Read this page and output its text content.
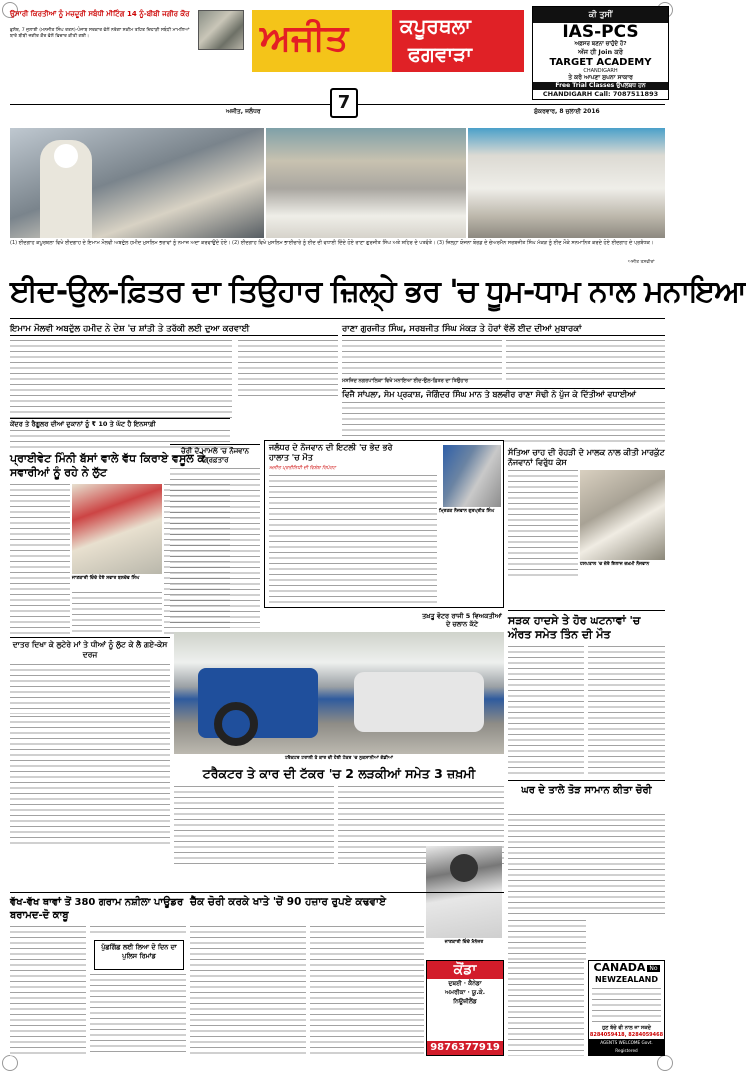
ਉਸਾਰੀ ਕਿਰਤੀਆਂ ਨੂੰ ਮਜ਼ਦੂਰੀ ਸਬੰਧੀ ਮੀਟਿੰਗ 14 ਨੂੰ-ਬੀਬੀ ਜਗੀਰ ਕੌਰ
ਭੁਲੱਥ, 7 ਜੁਲਾਈ (ਮਨਜੀਤ ਸਿੰਘ ਰਤਨ)-ਪੰਜਾਬ ਸਰਕਾਰ ਵੱਲੋਂ ਨਰੇਗਾ ਸਕੀਮ ਤਹਿਤ ਦਿਹਾੜੀ ਸਬੰਧੀ ਮਾਮਲਿਆਂ ਬਾਰੇ ਬੀਬੀ ਜਗੀਰ ਕੌਰ ਵੱਲੋਂ ਵਿਚਾਰ ਕੀਤੀ ਗਈ।	ਅਜੀਤ	ਕਪੂਰਥਲਾ
ਫਗਵਾੜਾ
ਕੀ ਤੁਸੀਂ
IAS-PCS
ਅਫ਼ਸਰ ਬਣਨਾ ਚਾਹੁੰਦੇ ਹੋ?
ਅੱਜ ਹੀ Join ਕਰੋ
TARGET ACADEMY
CHANDIGARH
ਤੇ ਕਰੋ ਆਪਣਾ ਸੁਪਨਾ ਸਾਕਾਰ
Free Trial Classes ਉਪਲਬਧ ਹਨ
CHANDIGARH Call: 7087511893
ਅਜੀਤ, ਜਲੰਧਰ	7	ਸ਼ੁੱਕਰਵਾਰ, 8 ਜੁਲਾਈ 2016
(1) ਈਦਗਾਹ ਕਪੂਰਥਲਾ ਵਿਖੇ ਈਦਗਾਹ ਦੇ ਇਮਾਮ ਮੌਲਵੀ ਅਬਦੁੱਲ ਹਮੀਦ ਮੁਸਲਿਮ ਭਰਾਵਾਂ ਨੂੰ ਨਮਾਜ਼ ਅਦਾ ਕਰਵਾਉਂਦੇ ਹੋਏ। (2) ਈਦਗਾਹ ਵਿਖੇ ਮੁਸਲਿਮ ਭਾਈਚਾਰੇ ਨੂੰ ਈਦ ਦੀ ਵਧਾਈ ਦਿੰਦੇ ਹੋਏ ਰਾਣਾ ਗੁਰਜੀਤ ਸਿੰਘ ਅਤੇ ਸ਼ਹਿਰ ਦੇ ਪਤਵੰਤੇ। (3) ਜ਼ਿਲ੍ਹਾ ਯੋਜਨਾ ਬੋਰਡ ਦੇ ਚੇਅਰਮੈਨ ਸਰਬਜੀਤ ਸਿੰਘ ਮੱਕੜ ਨੂੰ ਈਦ ਮੌਕੇ ਸਨਮਾਨਿਤ ਕਰਦੇ ਹੋਏ ਈਦਗਾਹ ਦੇ ਪ੍ਰਬੰਧਕ।
ਅਜੀਤ ਤਸਵੀਰਾਂ
ਈਦ-ਉਲ-ਫ਼ਿਤਰ ਦਾ ਤਿਉਹਾਰ ਜ਼ਿਲ੍ਹੇ ਭਰ 'ਚ ਧੂਮ-ਧਾਮ ਨਾਲ ਮਨਾਇਆ
ਇਮਾਮ ਮੌਲਵੀ ਅਬਦੁੱਲ ਹਮੀਦ ਨੇ ਦੇਸ਼ 'ਚ ਸ਼ਾਂਤੀ ਤੇ ਤਰੱਕੀ ਲਈ ਦੁਆ ਕਰਵਾਈ	ਰਾਣਾ ਗੁਰਜੀਤ ਸਿੰਘ, ਸਰਬਜੀਤ ਸਿੰਘ ਮੱਕੜ ਤੇ ਹੋਰਾਂ ਵੱਲੋਂ ਈਦ ਦੀਆਂ ਮੁਬਾਰਕਾਂ
ਮਸਜਿਦ ਨਗਰਪਾਲਿਕਾ ਵਿਖੇ ਮਨਾਇਆ ਈਦ-ਉਲ-ਫ਼ਿਤਰ ਦਾ ਤਿਉਹਾਰ
ਵਿਜੈ ਸਾਂਪਲਾ, ਸੋਮ ਪ੍ਰਕਾਸ਼, ਜੋਗਿੰਦਰ ਸਿੰਘ ਮਾਨ ਤੇ ਬਲਵੀਰ ਰਾਣਾ ਸੋਢੀ ਨੇ ਪੁੱਜ ਕੇ ਦਿੱਤੀਆਂ ਵਧਾਈਆਂ
ਕੇਂਦਰ ਤੇ ਰੈਗੂਲਰ ਦੀਆਂ ਦੁਕਾਨਾਂ ਨੂੰ ₹ 10 ਤੇ ਘੱਟ ਹੈ ਇਨਸਾਫ਼ੀ
ਪ੍ਰਾਈਵੇਟ ਮਿੰਨੀ ਬੱਸਾਂ ਵਾਲੇ ਵੱਧ ਕਿਰਾਏ ਵਸੂਲ ਕੇ ਸਵਾਰੀਆਂ ਨੂੰ ਰਹੇ ਨੇ ਲੁੱਟ
ਜਾਣਕਾਰੀ ਦਿੰਦੇ ਹੋਏ ਸਵਾਰ ਬਲਦੇਵ ਸਿੰਘ
ਦਾਤਰ ਦਿਖਾ ਕੇ ਲੁਟੇਰੇ ਮਾਂ ਤੇ ਧੀਆਂ ਨੂੰ ਲੁੱਟ ਕੇ ਲੈ ਗਏ-ਕੇਸ ਦਰਜ
ਚੋਰੀ ਦੇ ਮਾਮਲੇ 'ਚ ਨੌਜਵਾਨ ਗ੍ਰਿਫ਼ਤਾਰ
ਜਲੰਧਰ ਦੇ ਨੌਜਵਾਨ ਦੀ ਇਟਲੀ 'ਚ ਭੇਦ ਭਰੇ ਹਾਲਾਤ 'ਚ ਮੌਤ
ਅਜੀਤ ਪ੍ਰਤੀਨਿਧੀ ਦੀ ਵਿਸ਼ੇਸ਼ ਰਿਪੋਰਟ
ਮ੍ਰਿਤਕ ਨੌਜਵਾਨ ਗੁਰਪ੍ਰੀਤ ਸਿੰਘ
ਸੱਤਿਆ ਚਾਹ ਦੀ ਰੇਹੜੀ ਦੇ ਮਾਲਕ ਨਾਲ ਕੀਤੀ ਮਾਰਕੁੱਟ ਨੌਜਵਾਨਾਂ ਵਿਰੁੱਧ ਕੇਸ
ਹਸਪਤਾਲ 'ਚ ਜ਼ੇਰੇ ਇਲਾਜ ਜ਼ਖ਼ਮੀ ਨੌਜਵਾਨ
ਸੜਕ ਹਾਦਸੇ ਤੇ ਹੋਰ ਘਟਨਾਵਾਂ 'ਚ ਔਰਤ ਸਮੇਤ ਤਿੰਨ ਦੀ ਮੌਤ
ਟਰੈਕਟਰ ਟਰਾਲੀ ਤੇ ਕਾਰ ਦੀ ਹੋਈ ਟੱਕਰ 'ਚ ਨੁਕਸਾਨੀਆਂ ਗੱਡੀਆਂ
ਟਰੈਕਟਰ ਤੇ ਕਾਰ ਦੀ ਟੱਕਰ 'ਚ 2 ਲੜਕੀਆਂ ਸਮੇਤ 3 ਜ਼ਖ਼ਮੀ
ਤਖ਼ਤੂ ਵੋਟਰ ਰਾਜੀ 5 ਵਿਅਕਤੀਆਂ ਦੇ ਚਲਾਨ ਕੱਟੇ
ਘਰ ਦੇ ਤਾਲੇ ਤੋੜ ਸਾਮਾਨ ਕੀਤਾ ਚੋਰੀ
ਜਾਣਕਾਰੀ ਦਿੰਦੇ ਮੈਨੇਜਰ
ਵੱਖ-ਵੱਖ ਥਾਵਾਂ ਤੋਂ 380 ਗਰਾਮ ਨਸ਼ੀਲਾ ਪਾਊਡਰ ਬਰਾਮਦ-ਦੋ ਕਾਬੂ
ਚੈੱਕ ਚੋਰੀ ਕਰਕੇ ਖਾਤੇ 'ਚੋਂ 90 ਹਜ਼ਾਰ ਰੁਪਏ ਕਢਵਾਏ
ਪੁੱਛਗਿੱਛ ਲਈ ਲਿਆ ਦੋ ਦਿਨ ਦਾ ਪੁਲਿਸ ਰਿਮਾਂਡ
ਕੋਂਡਾ
ਦੁਬਈ · ਕੈਨੇਡਾ
ਅਮਰੀਕਾ · ਯੂ.ਕੇ.
ਨਿਊਜ਼ੀਲੈਂਡ
9876377919
CANADA No
NEWZEALAND
ਹੁਣ ਬੱਚੇ ਵੀ ਨਾਲ ਜਾ ਸਕਦੇ
8284059418, 8284059468
AGENTS WELCOME Govt. Registered
